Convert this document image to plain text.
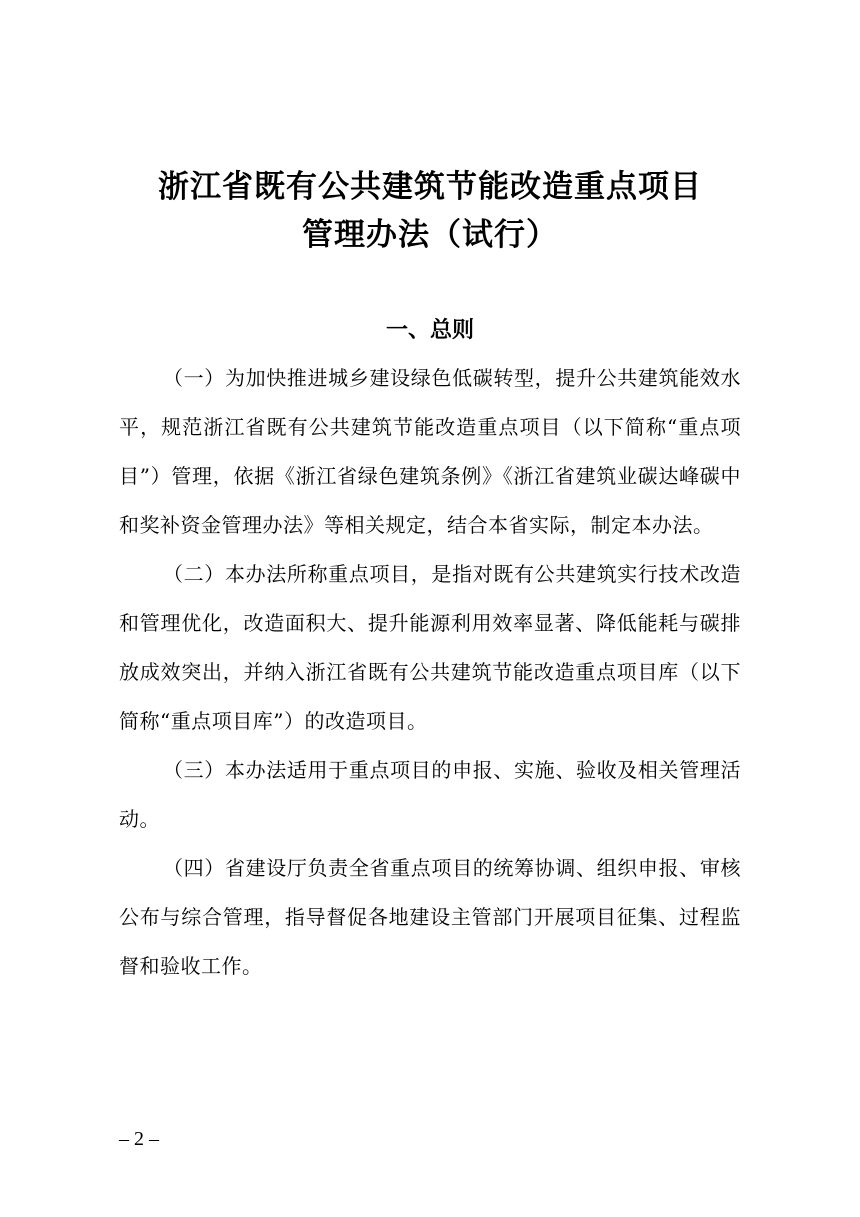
浙江省既有公共建筑节能改造重点项目
管理办法（试行）
一、总则

（一）为加快推进城乡建设绿色低碳转型，提升公共建筑能效水平，规范浙江省既有公共建筑节能改造重点项目（以下简称“重点项目”）管理，依据《浙江省绿色建筑条例》《浙江省建筑业碳达峰碳中和奖补资金管理办法》等相关规定，结合本省实际，制定本办法。

（二）本办法所称重点项目，是指对既有公共建筑实行技术改造和管理优化，改造面积大、提升能源利用效率显著、降低能耗与碳排放成效突出，并纳入浙江省既有公共建筑节能改造重点项目库（以下简称“重点项目库”）的改造项目。

（三）本办法适用于重点项目的申报、实施、验收及相关管理活动。

（四）省建设厅负责全省重点项目的统筹协调、组织申报、审核公布与综合管理，指导督促各地建设主管部门开展项目征集、过程监督和验收工作。

– 2 –
